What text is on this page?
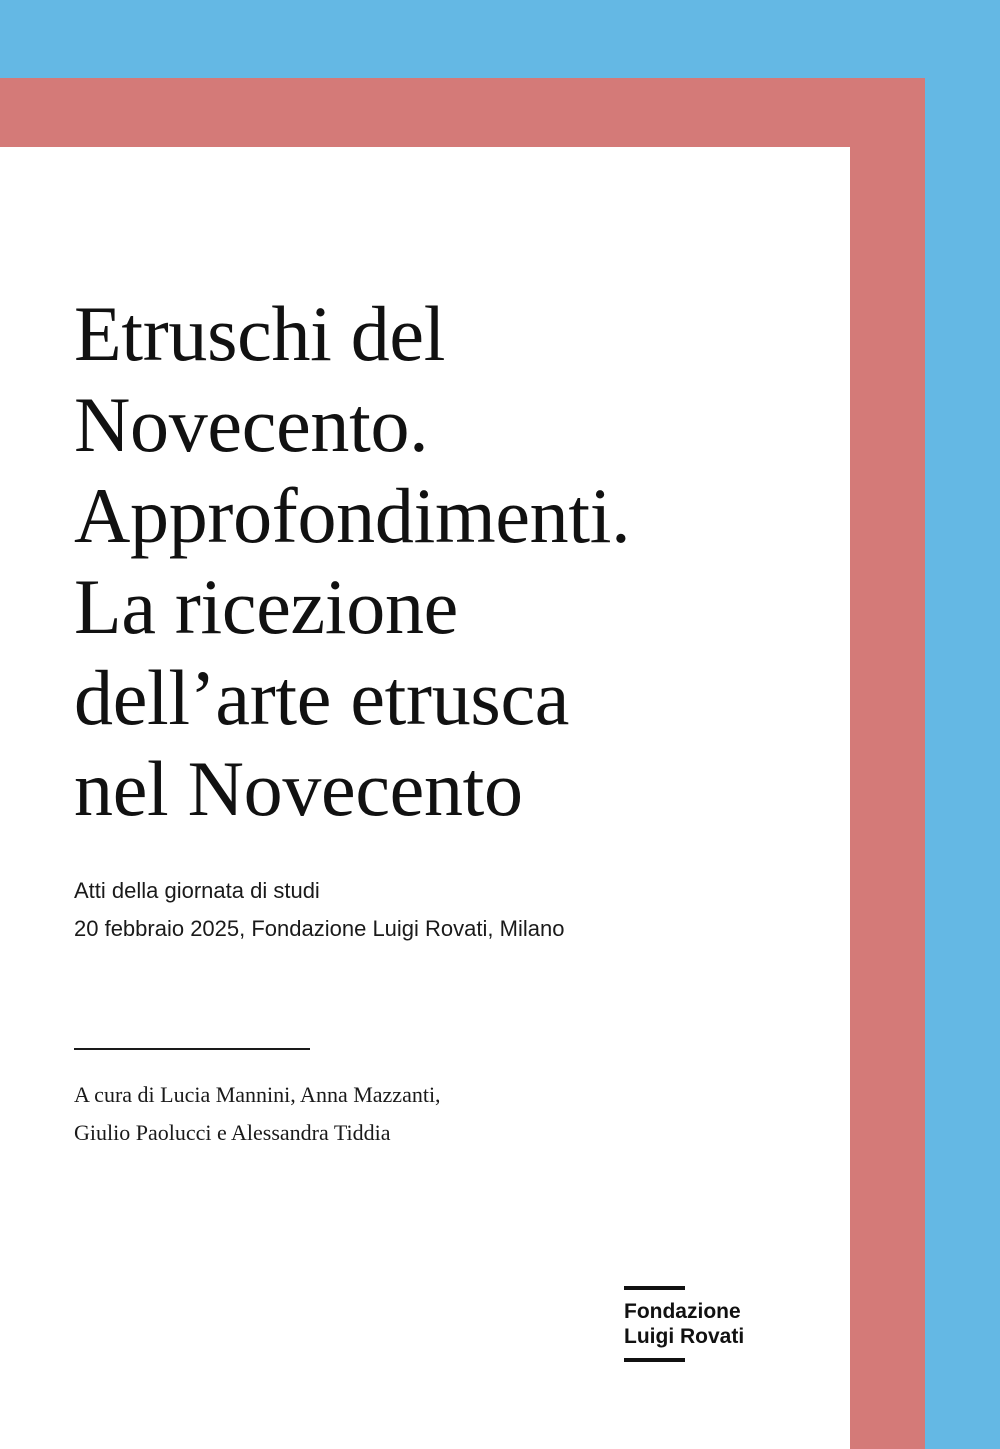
Etruschi del
Novecento.
Approfondimenti.
La ricezione
dell’arte etrusca
nel Novecento
Atti della giornata di studi
20 febbraio 2025, Fondazione Luigi Rovati, Milano
A cura di Lucia Mannini, Anna Mazzanti,
Giulio Paolucci e Alessandra Tiddia
Fondazione
Luigi Rovati
